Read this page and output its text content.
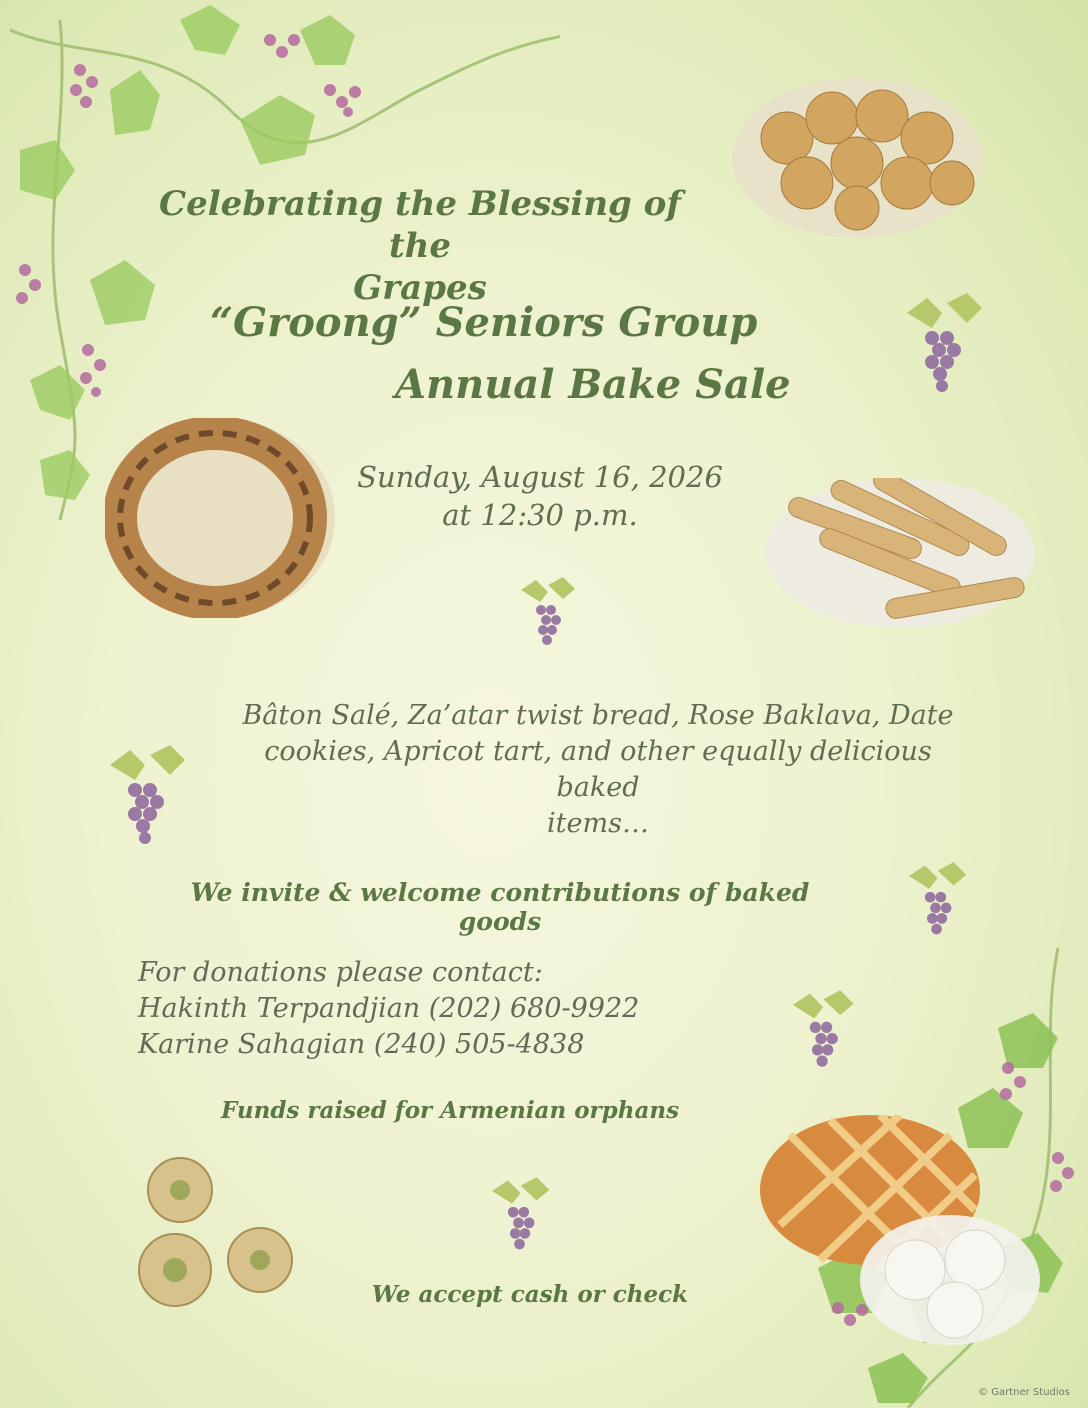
Celebrating the Blessing of the
Grapes
“Groong” Seniors Group
Annual Bake Sale
Sunday, August 16, 2026
at 12:30 p.m.
Bâton Salé, Za’atar twist bread, Rose Baklava, Date
cookies, Apricot tart, and other equally delicious baked
items…
We invite & welcome contributions of baked goods
For donations please contact:
Hakinth Terpandjian (202) 680-9922
Karine Sahagian (240) 505-4838
Funds raised for Armenian orphans
We accept cash or check
© Gartner Studios
